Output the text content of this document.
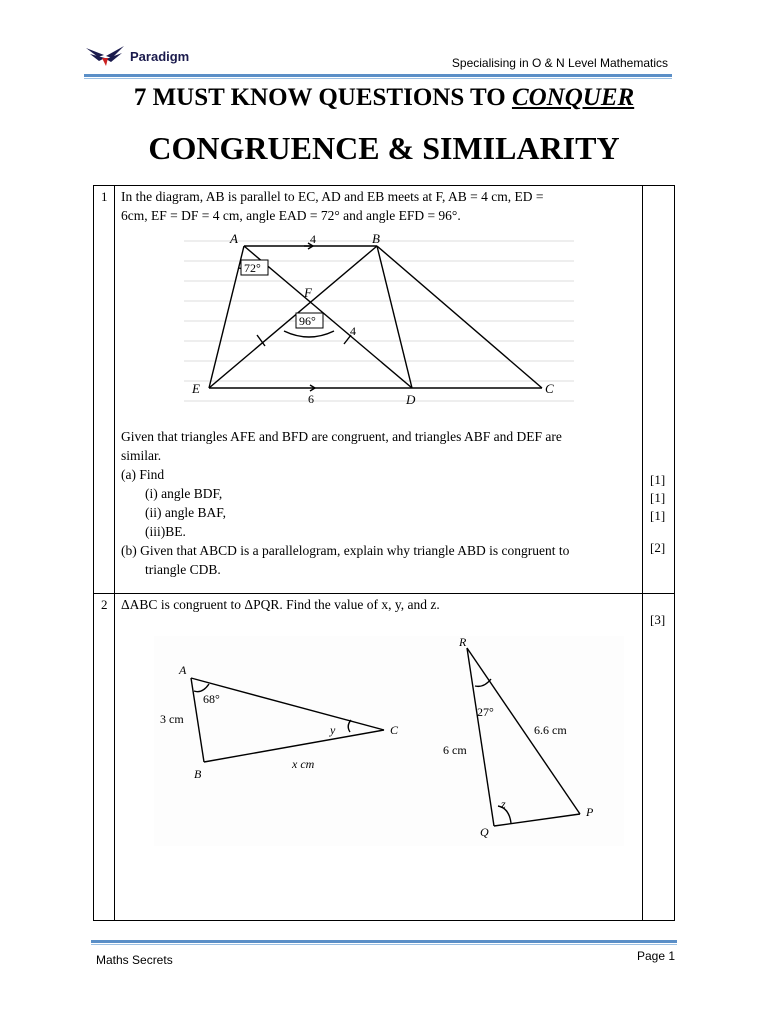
Paradigm	Specialising in O & N Level Mathematics
7 MUST KNOW QUESTIONS TO CONQUER
CONGRUENCE & SIMILARITY
1 In the diagram, AB is parallel to EC, AD and EB meets at F, AB = 4 cm, ED =
6cm, EF = DF = 4 cm, angle EAD = 72° and angle EFD = 96°.
A	B
C
D
E
F
4
4
6
72°
96°
Given that triangles AFE and BFD are congruent, and triangles ABF and DEF are
similar.
(a) Find
(i) angle BDF,
(ii) angle BAF,
(iii)BE.
(b) Given that ABCD is a parallelogram, explain why triangle ABD is congruent to
triangle CDB.
[1]
[1]
[1]
[2]
2 ΔABC is congruent to ΔPQR. Find the value of x, y, and z.
[3]
A
B
C
68°
3 cm
x cm
y
R
Q
P
27°
6 cm
6.6 cm
z
Maths Secrets	Page 1
